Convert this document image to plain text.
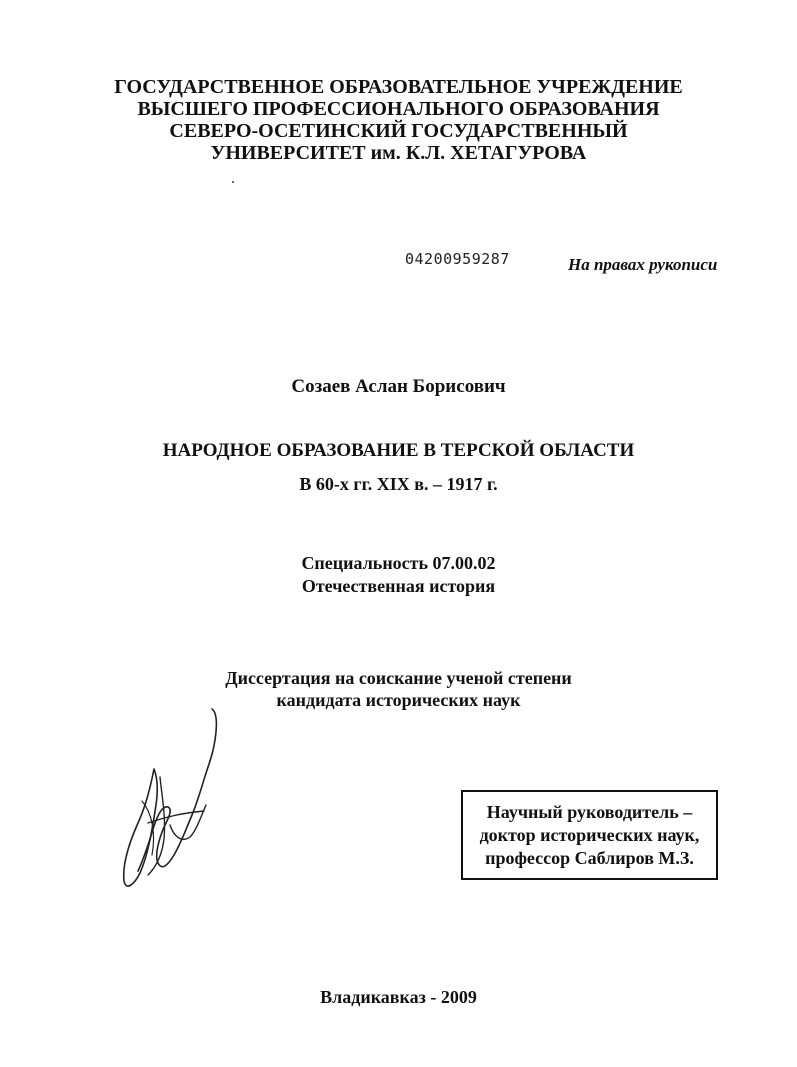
ГОСУДАРСТВЕННОЕ ОБРАЗОВАТЕЛЬНОЕ УЧРЕЖДЕНИЕ
ВЫСШЕГО ПРОФЕССИОНАЛЬНОГО ОБРАЗОВАНИЯ
СЕВЕРО-ОСЕТИНСКИЙ ГОСУДАРСТВЕННЫЙ
УНИВЕРСИТЕТ им. К.Л. ХЕТАГУРОВА
04200959287	На правах рукописи
Созаев Аслан Борисович
НАРОДНОЕ ОБРАЗОВАНИЕ В ТЕРСКОЙ ОБЛАСТИ
В 60-х гг. XIX в. – 1917 г.
Специальность 07.00.02
Отечественная история
Диссертация на соискание ученой степени
кандидата исторических наук
Научный руководитель –
доктор исторических наук,
профессор Саблиров М.З.
Владикавказ - 2009
